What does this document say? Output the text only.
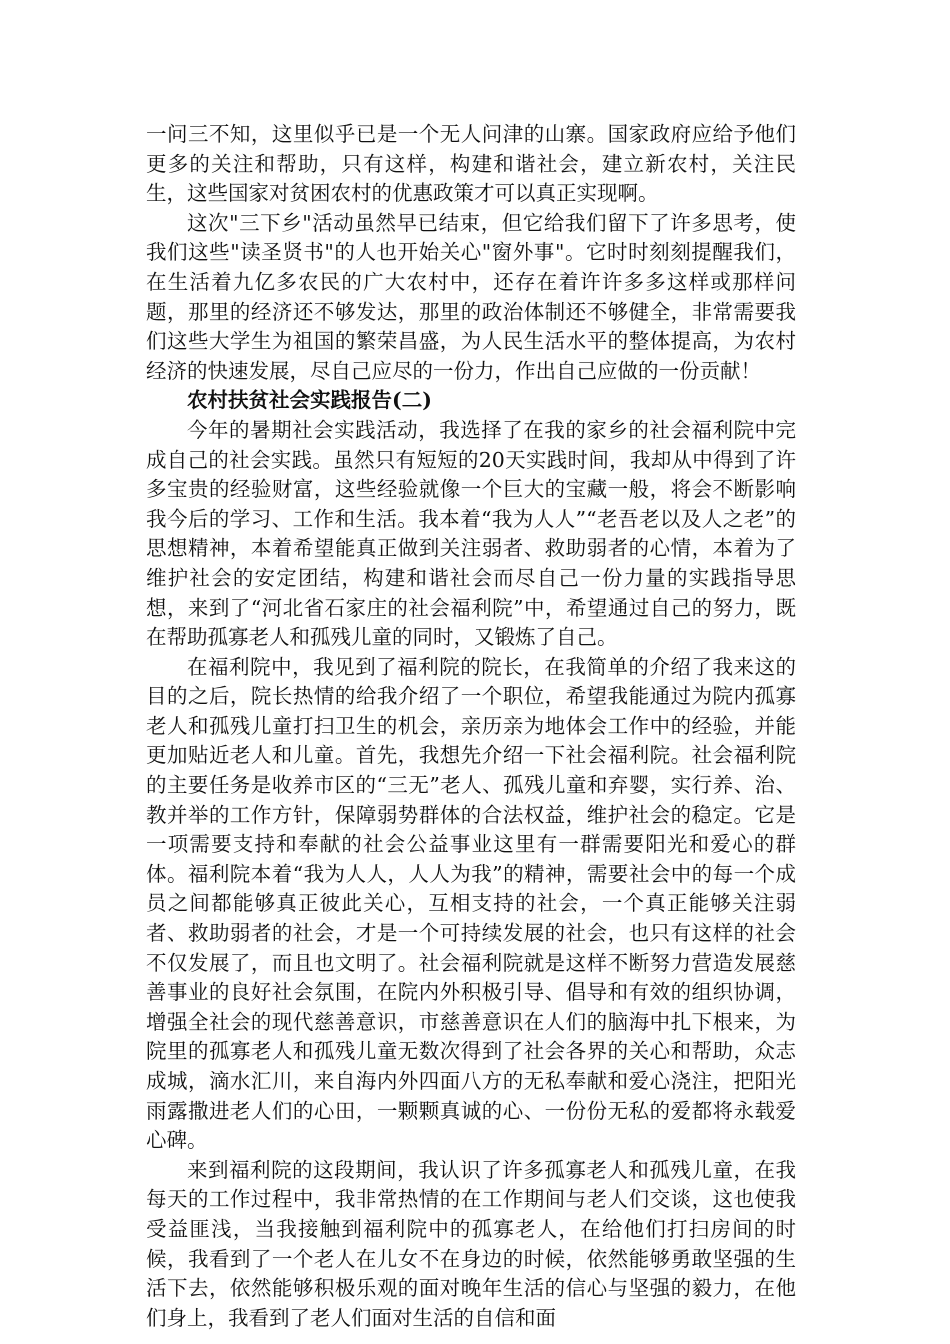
一问三不知，这里似乎已是一个无人问津的山寨。国家政府应给予他们更多的关注和帮助，只有这样，构建和谐社会，建立新农村，关注民生，这些国家对贫困农村的优惠政策才可以真正实现啊。

这次"三下乡"活动虽然早已结束，但它给我们留下了许多思考，使我们这些"读圣贤书"的人也开始关心"窗外事"。它时时刻刻提醒我们，在生活着九亿多农民的广大农村中，还存在着许许多多这样或那样问题，那里的经济还不够发达，那里的政治体制还不够健全，非常需要我们这些大学生为祖国的繁荣昌盛，为人民生活水平的整体提高，为农村经济的快速发展，尽自己应尽的一份力，作出自己应做的一份贡献！

农村扶贫社会实践报告(二)

今年的暑期社会实践活动，我选择了在我的家乡的社会福利院中完成自己的社会实践。虽然只有短短的20天实践时间，我却从中得到了许多宝贵的经验财富，这些经验就像一个巨大的宝藏一般，将会不断影响我今后的学习、工作和生活。我本着“我为人人”“老吾老以及人之老”的思想精神，本着希望能真正做到关注弱者、救助弱者的心情，本着为了维护社会的安定团结，构建和谐社会而尽自己一份力量的实践指导思想，来到了“河北省石家庄的社会福利院”中，希望通过自己的努力，既在帮助孤寡老人和孤残儿童的同时，又锻炼了自己。

在福利院中，我见到了福利院的院长，在我简单的介绍了我来这的目的之后，院长热情的给我介绍了一个职位，希望我能通过为院内孤寡老人和孤残儿童打扫卫生的机会，亲历亲为地体会工作中的经验，并能更加贴近老人和儿童。首先，我想先介绍一下社会福利院。社会福利院的主要任务是收养市区的“三无”老人、孤残儿童和弃婴，实行养、治、教并举的工作方针，保障弱势群体的合法权益，维护社会的稳定。它是一项需要支持和奉献的社会公益事业这里有一群需要阳光和爱心的群体。福利院本着“我为人人，人人为我”的精神，需要社会中的每一个成员之间都能够真正彼此关心，互相支持的社会，一个真正能够关注弱者、救助弱者的社会，才是一个可持续发展的社会，也只有这样的社会不仅发展了，而且也文明了。社会福利院就是这样不断努力营造发展慈善事业的良好社会氛围，在院内外积极引导、倡导和有效的组织协调，增强全社会的现代慈善意识，市慈善意识在人们的脑海中扎下根来，为院里的孤寡老人和孤残儿童无数次得到了社会各界的关心和帮助，众志成城，滴水汇川，来自海内外四面八方的无私奉献和爱心浇注，把阳光雨露撒进老人们的心田，一颗颗真诚的心、一份份无私的爱都将永载爱心碑。

来到福利院的这段期间，我认识了许多孤寡老人和孤残儿童，在我每天的工作过程中，我非常热情的在工作期间与老人们交谈，这也使我受益匪浅，当我接触到福利院中的孤寡老人，在给他们打扫房间的时候，我看到了一个老人在儿女不在身边的时候，依然能够勇敢坚强的生活下去，依然能够积极乐观的面对晚年生活的信心与坚强的毅力，在他们身上，我看到了老人们面对生活的自信和面
